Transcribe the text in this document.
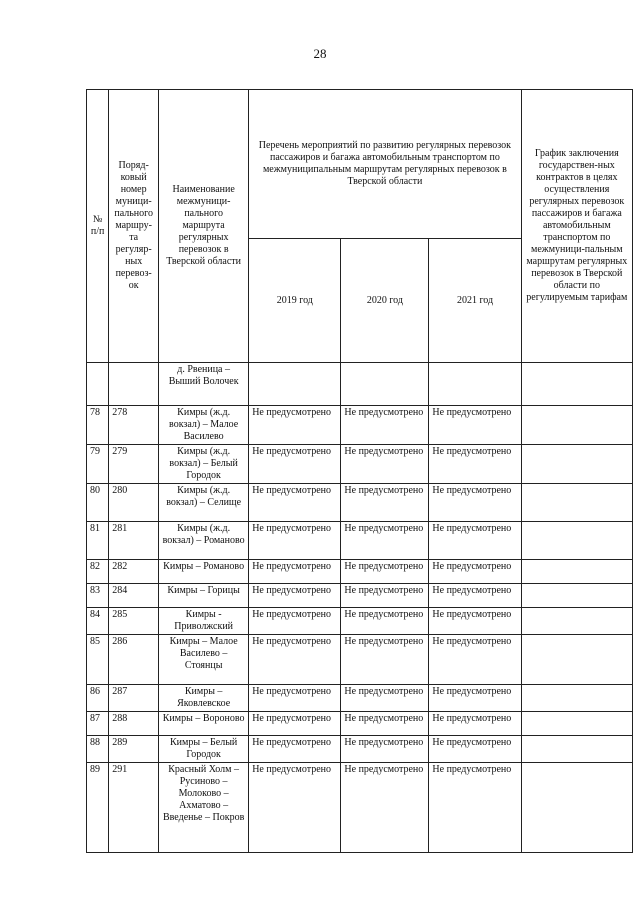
28
№ п/п	Поряд-ковый номер муници-пального маршру-та регуляр-ных перевоз-ок	Наименование межмуници-пального маршрута регулярных перевозок в Тверской области	Перечень мероприятий по развитию регулярных перевозок пассажиров и багажа автомобильным транспортом по межмуниципальным маршрутам регулярных перевозок в Тверской области			График заключения государствен-ных контрактов в целях осуществления регулярных перевозок пассажиров и багажа автомобильным транспортом по межмуници-пальным маршрутам регулярных перевозок в Тверской области по регулируемым тарифам
			2019 год	2020 год	2021 год	
		д. Рвеница – Выший Волочек				
78	278	Кимры (ж.д. вокзал) – Малое Василево	Не предусмотрено	Не предусмотрено	Не предусмотрено	
79	279	Кимры (ж.д. вокзал) – Белый Городок	Не предусмотрено	Не предусмотрено	Не предусмотрено	
80	280	Кимры (ж.д. вокзал) – Селище	Не предусмотрено	Не предусмотрено	Не предусмотрено	
81	281	Кимры (ж.д. вокзал) – Романово	Не предусмотрено	Не предусмотрено	Не предусмотрено	
82	282	Кимры – Романово	Не предусмотрено	Не предусмотрено	Не предусмотрено	
83	284	Кимры – Горицы	Не предусмотрено	Не предусмотрено	Не предусмотрено	
84	285	Кимры - Приволжский	Не предусмотрено	Не предусмотрено	Не предусмотрено	
85	286	Кимры – Малое Василево – Стоянцы	Не предусмотрено	Не предусмотрено	Не предусмотрено	
86	287	Кимры – Яковлевское	Не предусмотрено	Не предусмотрено	Не предусмотрено	
87	288	Кимры – Вороново	Не предусмотрено	Не предусмотрено	Не предусмотрено	
88	289	Кимры – Белый Городок	Не предусмотрено	Не предусмотрено	Не предусмотрено	
89	291	Красный Холм – Русиново – Молоково – Ахматово – Введенье – Покров	Не предусмотрено	Не предусмотрено	Не предусмотрено	
